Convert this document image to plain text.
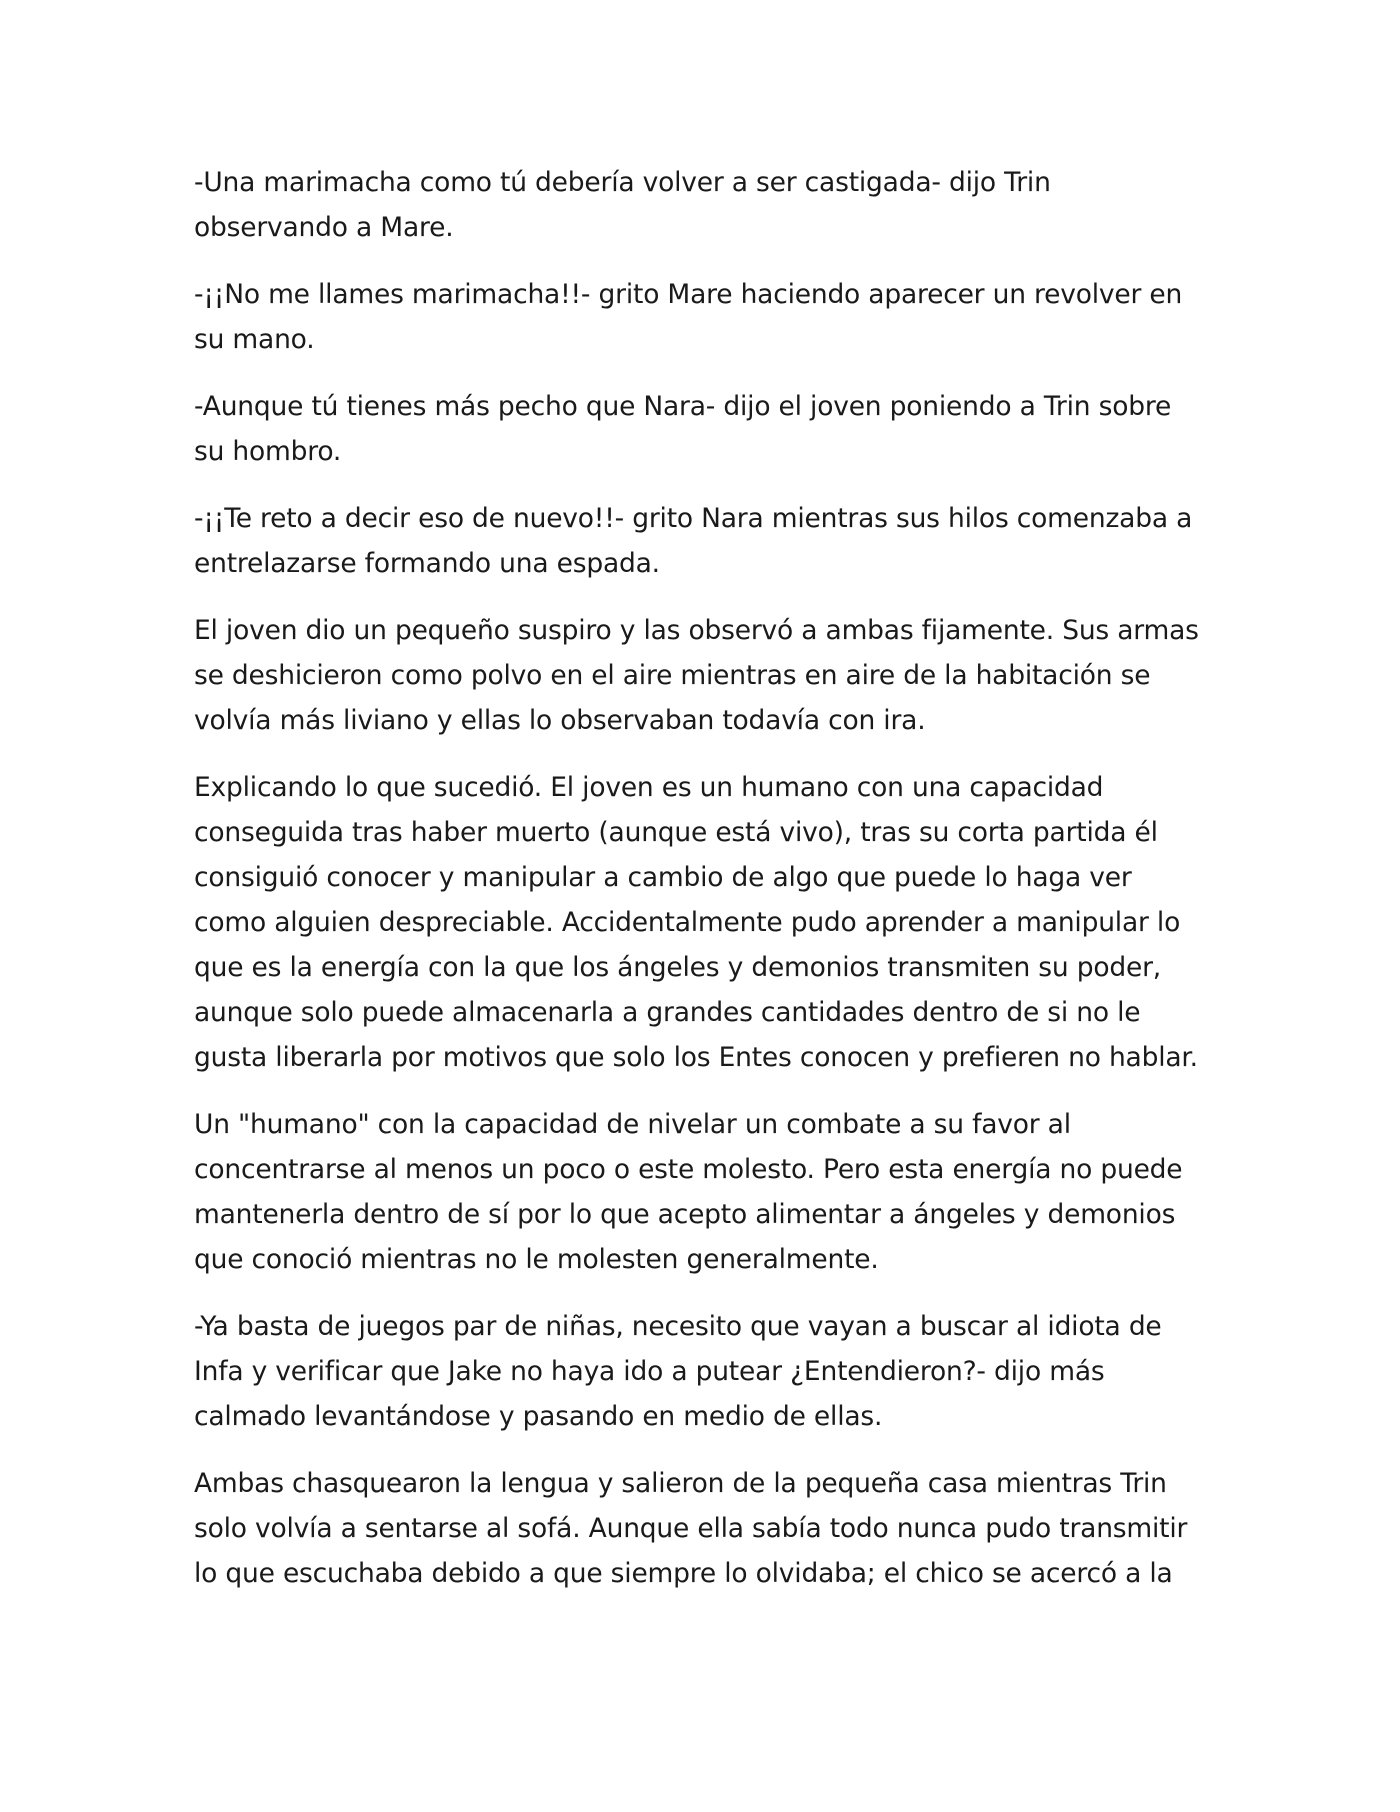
-Una marimacha como tú debería volver a ser castigada- dijo Trin observando a Mare.

-¡¡No me llames marimacha!!- grito Mare haciendo aparecer un revolver en su mano.

-Aunque tú tienes más pecho que Nara- dijo el joven poniendo a Trin sobre su hombro.

-¡¡Te reto a decir eso de nuevo!!- grito Nara mientras sus hilos comenzaba a entrelazarse formando una espada.

El joven dio un pequeño suspiro y las observó a ambas fijamente. Sus armas se deshicieron como polvo en el aire mientras en aire de la habitación se volvía más liviano y ellas lo observaban todavía con ira.

Explicando lo que sucedió. El joven es un humano con una capacidad conseguida tras haber muerto (aunque está vivo), tras su corta partida él consiguió conocer y manipular a cambio de algo que puede lo haga ver como alguien despreciable. Accidentalmente pudo aprender a manipular lo que es la energía con la que los ángeles y demonios transmiten su poder, aunque solo puede almacenarla a grandes cantidades dentro de si no le gusta liberarla por motivos que solo los Entes conocen y prefieren no hablar.

Un "humano" con la capacidad de nivelar un combate a su favor al concentrarse al menos un poco o este molesto. Pero esta energía no puede mantenerla dentro de sí por lo que acepto alimentar a ángeles y demonios que conoció mientras no le molesten generalmente.

-Ya basta de juegos par de niñas, necesito que vayan a buscar al idiota de Infa y verificar que Jake no haya ido a putear ¿Entendieron?- dijo más calmado levantándose y pasando en medio de ellas.

Ambas chasquearon la lengua y salieron de la pequeña casa mientras Trin solo volvía a sentarse al sofá. Aunque ella sabía todo nunca pudo transmitir lo que escuchaba debido a que siempre lo olvidaba; el chico se acercó a la
